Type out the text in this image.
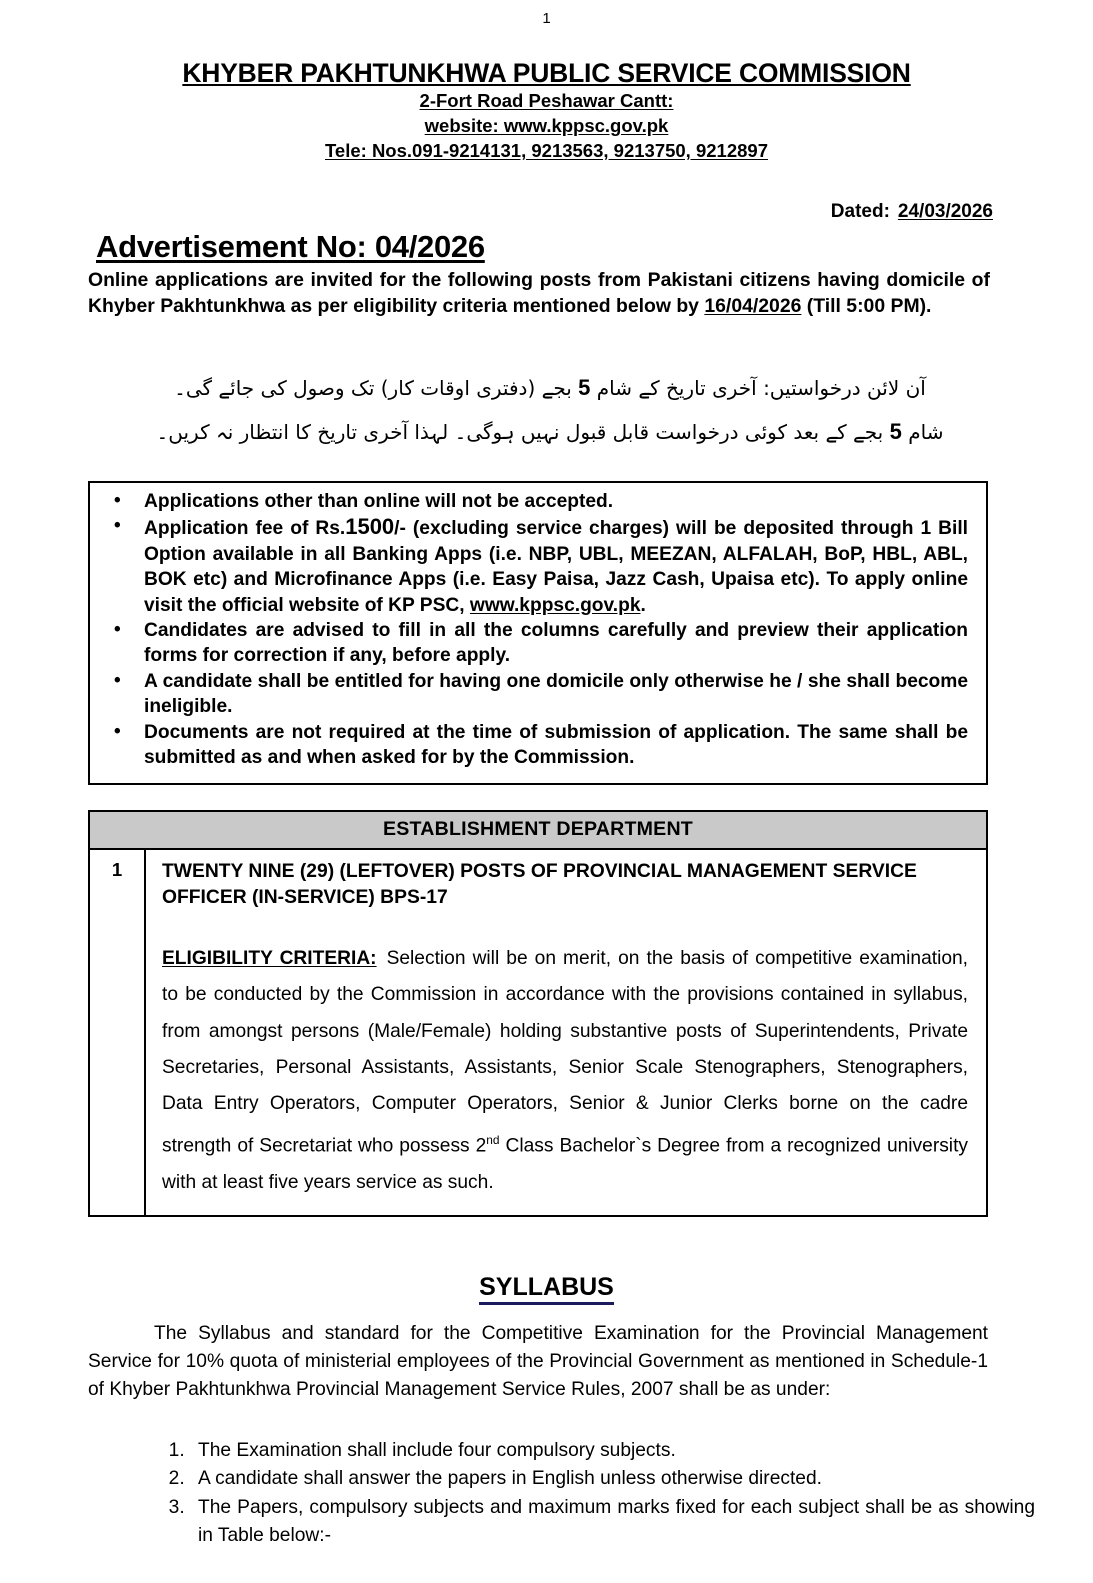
1
KHYBER PAKHTUNKHWA PUBLIC SERVICE COMMISSION
2-Fort Road Peshawar Cantt:
website: www.kppsc.gov.pk
Tele: Nos.091-9214131, 9213563, 9213750, 9212897
Dated: 24/03/2026
Advertisement No: 04/2026
Online applications are invited for the following posts from Pakistani citizens having domicile of Khyber Pakhtunkhwa as per eligibility criteria mentioned below by 16/04/2026 (Till 5:00 PM).
آن لائن درخواستیں: آخری تاریخ کے شام 5 بجے (دفتری اوقات کار) تک وصول کی جائے گی۔
شام 5 بجے کے بعد کوئی درخواست قابل قبول نہیں ہوگی۔ لہذا آخری تاریخ کا انتظار نہ کریں۔
• Applications other than online will not be accepted.
• Application fee of Rs.1500/- (excluding service charges) will be deposited through 1 Bill Option available in all Banking Apps (i.e. NBP, UBL, MEEZAN, ALFALAH, BoP, HBL, ABL, BOK etc) and Microfinance Apps (i.e. Easy Paisa, Jazz Cash, Upaisa etc). To apply online visit the official website of KP PSC, www.kppsc.gov.pk.
• Candidates are advised to fill in all the columns carefully and preview their application forms for correction if any, before apply.
• A candidate shall be entitled for having one domicile only otherwise he / she shall become ineligible.
• Documents are not required at the time of submission of application. The same shall be submitted as and when asked for by the Commission.
ESTABLISHMENT DEPARTMENT
1	TWENTY NINE (29) (LEFTOVER) POSTS OF PROVINCIAL MANAGEMENT SERVICE OFFICER (IN-SERVICE) BPS-17

ELIGIBILITY CRITERIA: Selection will be on merit, on the basis of competitive examination, to be conducted by the Commission in accordance with the provisions contained in syllabus, from amongst persons (Male/Female) holding substantive posts of Superintendents, Private Secretaries, Personal Assistants, Assistants, Senior Scale Stenographers, Stenographers, Data Entry Operators, Computer Operators, Senior & Junior Clerks borne on the cadre strength of Secretariat who possess 2nd Class Bachelor`s Degree from a recognized university with at least five years service as such.

SYLLABUS
The Syllabus and standard for the Competitive Examination for the Provincial Management Service for 10% quota of ministerial employees of the Provincial Government as mentioned in Schedule-1 of Khyber Pakhtunkhwa Provincial Management Service Rules, 2007 shall be as under:
1. The Examination shall include four compulsory subjects.
2. A candidate shall answer the papers in English unless otherwise directed.
3. The Papers, compulsory subjects and maximum marks fixed for each subject shall be as showing in Table below:-
